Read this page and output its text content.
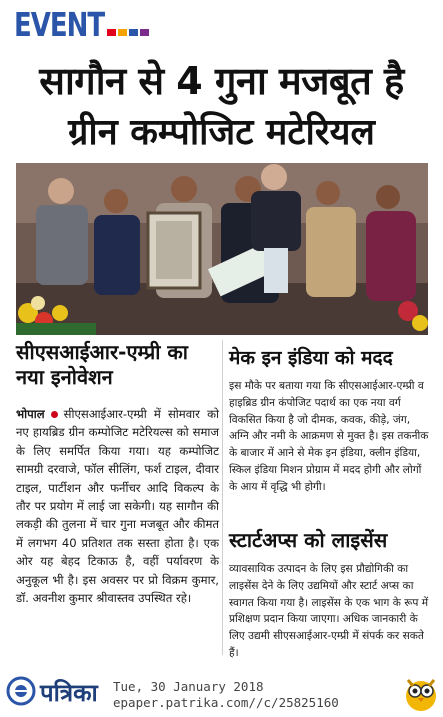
EVENT
सागौन से 4 गुना मजबूत है
ग्रीन कम्पोजिट मटेरियल

सीएसआईआर-एम्प्री का

नया इनोवेशन

भोपाल सीएसआईआर-एम्प्री में सोमवार को नए हायब्रिड ग्रीन कम्पोजिट मटेरियल्स को समाज के लिए समर्पित किया गया। यह कम्पोजिट सामग्री दरवाजे, फॉल सीलिंग, फर्श टाइल, दीवार टाइल, पार्टीशन और फर्नीचर आदि विकल्प के तौर पर प्रयोग में लाई जा सकेगी। यह सागौन की लकड़ी की तुलना में चार गुना मजबूत और कीमत में लगभग 40 प्रतिशत तक सस्ता होता है। एक ओर यह बेहद टिकाऊ है, वहीं पर्यावरण के अनुकूल भी है। इस अवसर पर प्रो विक्रम कुमार, डॉ. अवनीश कुमार श्रीवास्तव उपस्थित रहे।

मेक इन इंडिया को मदद

इस मौके पर बताया गया कि सीएसआईआर-एम्प्री व हाइब्रिड ग्रीन कंपोजिट पदार्थ का एक नया वर्ग विकसित किया है जो दीमक, कवक, कीड़े, जंग, अग्नि और नमी के आक्रमण से मुक्त है। इस तकनीक के बाजार में आने से मेक इन इंडिया, क्लीन इंडिया, स्किल इंडिया मिशन प्रोग्राम में मदद होगी और लोगों के आय में वृद्धि भी होगी।

स्टार्टअप्स को लाइसेंस

व्यावसायिक उत्पादन के लिए इस प्रौद्योगिकी का लाइसेंस देने के लिए उद्यमियों और स्टार्ट अप्स का स्वागत किया गया है। लाइसेंस के एक भाग के रूप में प्रशिक्षण प्रदान किया जाएगा। अधिक जानकारी के लिए उद्यमी सीएसआईआर-एम्प्री में संपर्क कर सकते हैं।

पत्रिका Tue, 30 January 2018
epaper.patrika.com//c/25825160
